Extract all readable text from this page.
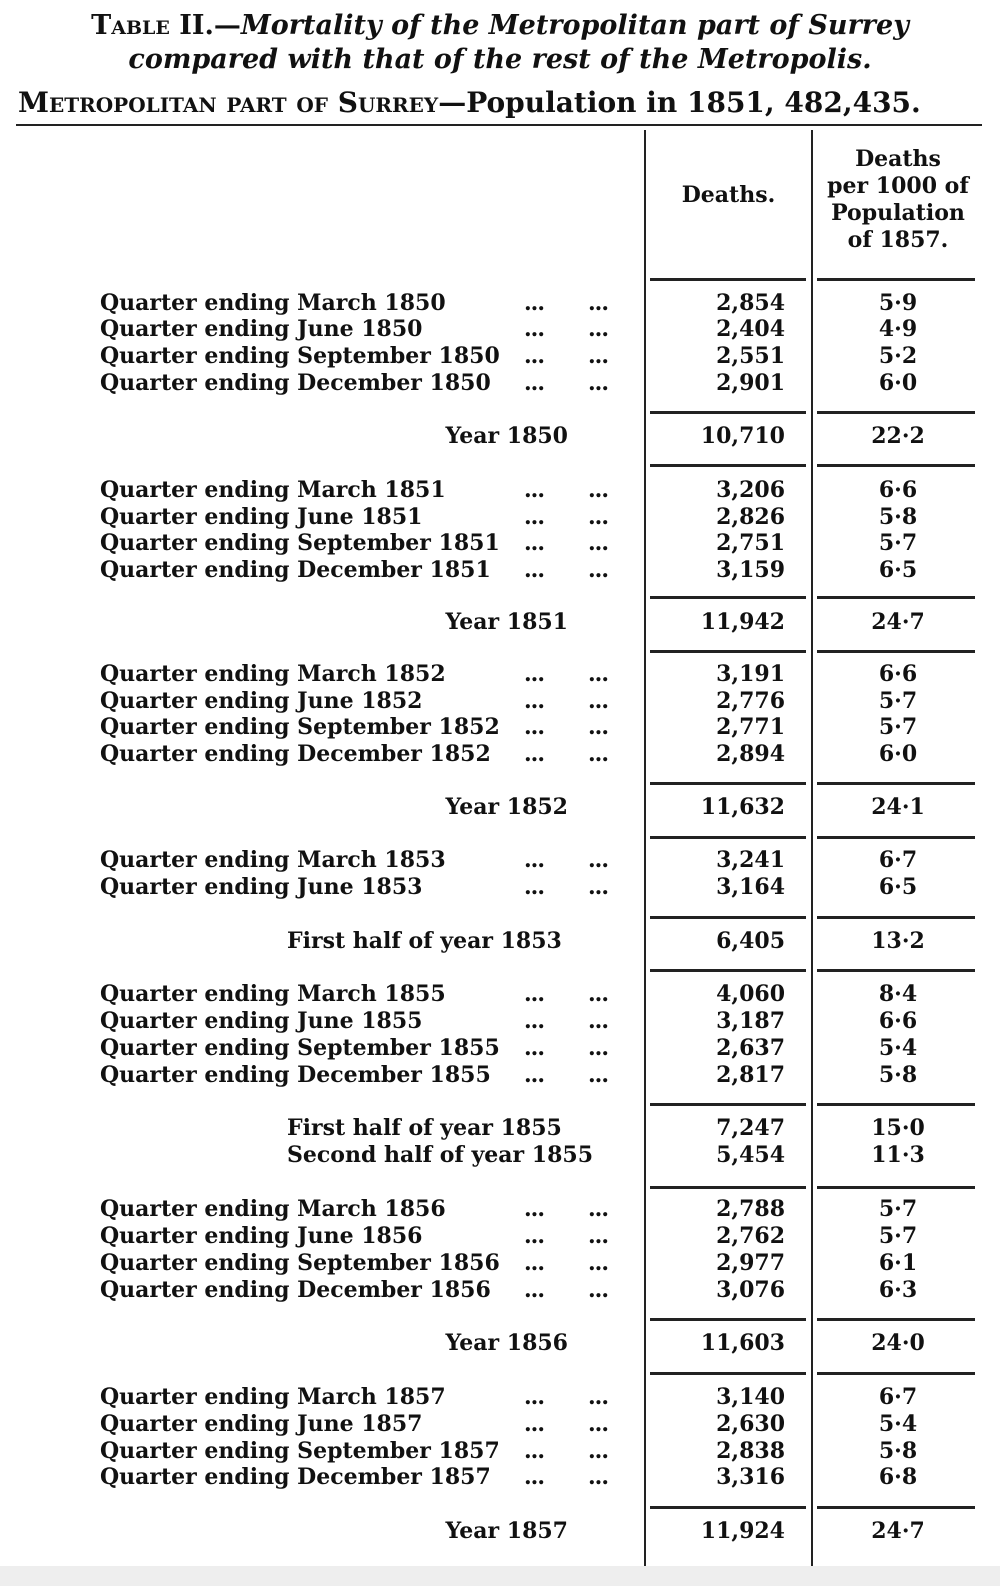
Table II.—Mortality of the Metropolitan part of Surrey
compared with that of the rest of the Metropolis.
Metropolitan part of Surrey—Population in 1851, 482,435.
Deaths.
Deaths
per 1000 of
Population
of 1857.
Quarter ending March 1850	... ...	2,854	5·9
Quarter ending June 1850	... ...	2,404	4·9
Quarter ending September 1850 ... ...	2,551	5·2
Quarter ending December 1850 ... ...	2,901	6·0
Year 1850	10,710	22·2
Quarter ending March 1851	... ...	3,206	6·6
Quarter ending June 1851	... ...	2,826	5·8
Quarter ending September 1851 ... ...	2,751	5·7
Quarter ending December 1851 ... ...	3,159	6·5
Year 1851	11,942	24·7
Quarter ending March 1852	... ...	3,191	6·6
Quarter ending June 1852	... ...	2,776	5·7
Quarter ending September 1852 ... ...	2,771	5·7
Quarter ending December 1852 ... ...	2,894	6·0
Year 1852	11,632	24·1
Quarter ending March 1853	... ...	3,241	6·7
Quarter ending June 1853	... ...	3,164	6·5
First half of year 1853	6,405	13·2
Quarter ending March 1855	... ...	4,060	8·4
Quarter ending June 1855	... ...	3,187	6·6
Quarter ending September 1855 ... ...	2,637	5·4
Quarter ending December 1855 ... ...	2,817	5·8
First half of year 1855	7,247	15·0
Second half of year 1855	5,454	11·3
Quarter ending March 1856	... ...	2,788	5·7
Quarter ending June 1856	... ...	2,762	5·7
Quarter ending September 1856 ... ...	2,977	6·1
Quarter ending December 1856 ... ...	3,076	6·3
Year 1856	11,603	24·0
Quarter ending March 1857	... ...	3,140	6·7
Quarter ending June 1857	... ...	2,630	5·4
Quarter ending September 1857 ... ...	2,838	5·8
Quarter ending December 1857 ... ...	3,316	6·8
Year 1857	11,924	24·7
